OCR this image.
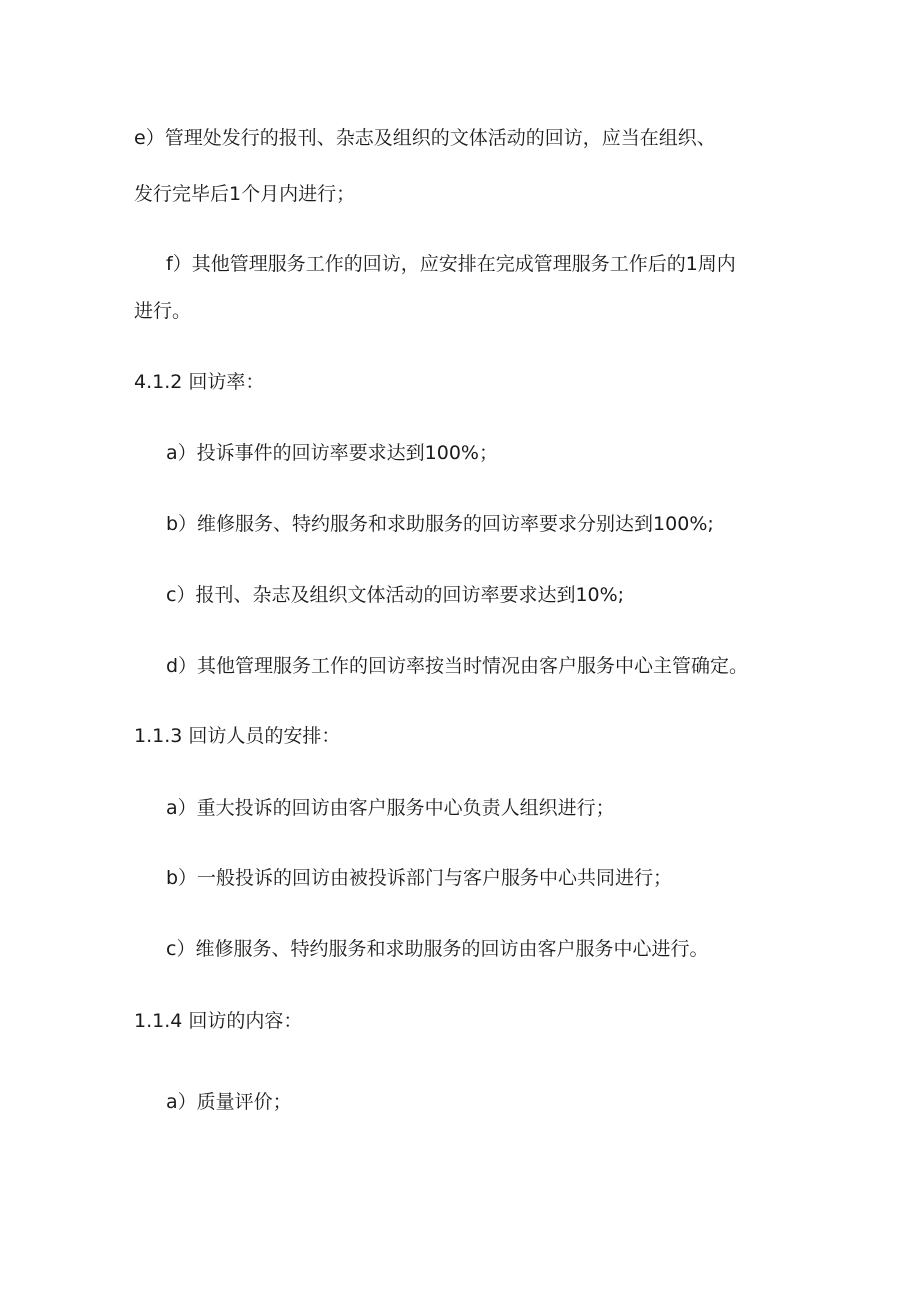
e）管理处发行的报刊、杂志及组织的文体活动的回访，应当在组织、

发行完毕后1个月内进行；

f）其他管理服务工作的回访，应安排在完成管理服务工作后的1周内

进行。

4.1.2 回访率：

a）投诉事件的回访率要求达到100%；

b）维修服务、特约服务和求助服务的回访率要求分别达到100%;

c）报刊、杂志及组织文体活动的回访率要求达到10%;

d）其他管理服务工作的回访率按当时情况由客户服务中心主管确定。

1.1.3 回访人员的安排：

a）重大投诉的回访由客户服务中心负责人组织进行；

b）一般投诉的回访由被投诉部门与客户服务中心共同进行；

c）维修服务、特约服务和求助服务的回访由客户服务中心进行。

1.1.4 回访的内容：

a）质量评价；
